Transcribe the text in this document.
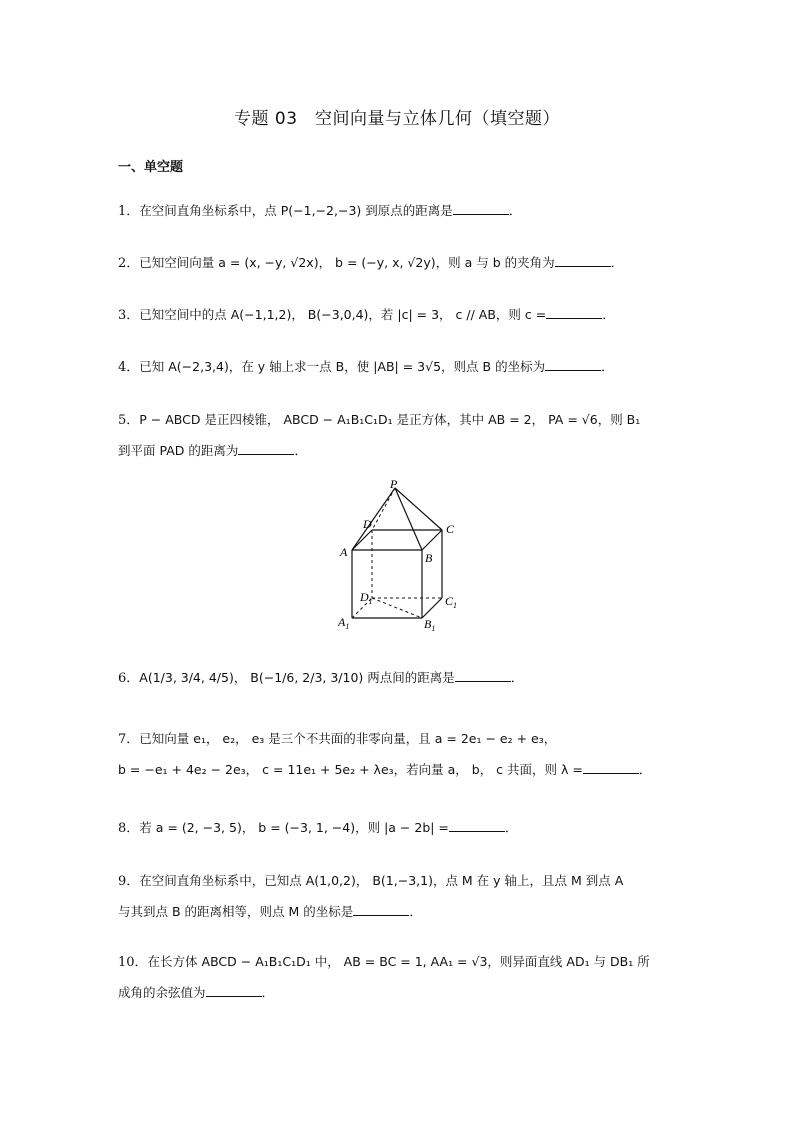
专题 03　空间向量与立体几何（填空题）
一、单空题
1．在空间直角坐标系中，点 P(−1,−2,−3) 到原点的距离是	．
2．已知空间向量 a = (x, −y, √2x)， b = (−y, x, √2y)，则 a 与 b 的夹角为	．
3．已知空间中的点 A(−1,1,2)， B(−3,0,4)，若 |c| = 3， c // AB，则 c =	．
4．已知 A(−2,3,4)，在 y 轴上求一点 B，使 |AB| = 3√5，则点 B 的坐标为	．
5．P − ABCD 是正四棱锥， ABCD − A₁B₁C₁D₁ 是正方体，其中 AB = 2， PA = √6，则 B₁
到平面 PAD 的距离为	．
P
D	C
A	B
$D_1$	$C_1$
$A_1$	$B_1$
6．A(1/3, 3/4, 4/5)， B(−1/6, 2/3, 3/10) 两点间的距离是	．
7．已知向量 e₁， e₂， e₃ 是三个不共面的非零向量，且 a = 2e₁ − e₂ + e₃，
b = −e₁ + 4e₂ − 2e₃， c = 11e₁ + 5e₂ + λe₃，若向量 a， b， c 共面，则 λ =	．
8．若 a = (2, −3, 5)， b = (−3, 1, −4)，则 |a − 2b| =	．
9．在空间直角坐标系中，已知点 A(1,0,2)， B(1,−3,1)，点 M 在 y 轴上，且点 M 到点 A
与其到点 B 的距离相等，则点 M 的坐标是	．
10．在长方体 ABCD − A₁B₁C₁D₁ 中， AB = BC = 1, AA₁ = √3，则异面直线 AD₁ 与 DB₁ 所
成角的余弦值为	．
